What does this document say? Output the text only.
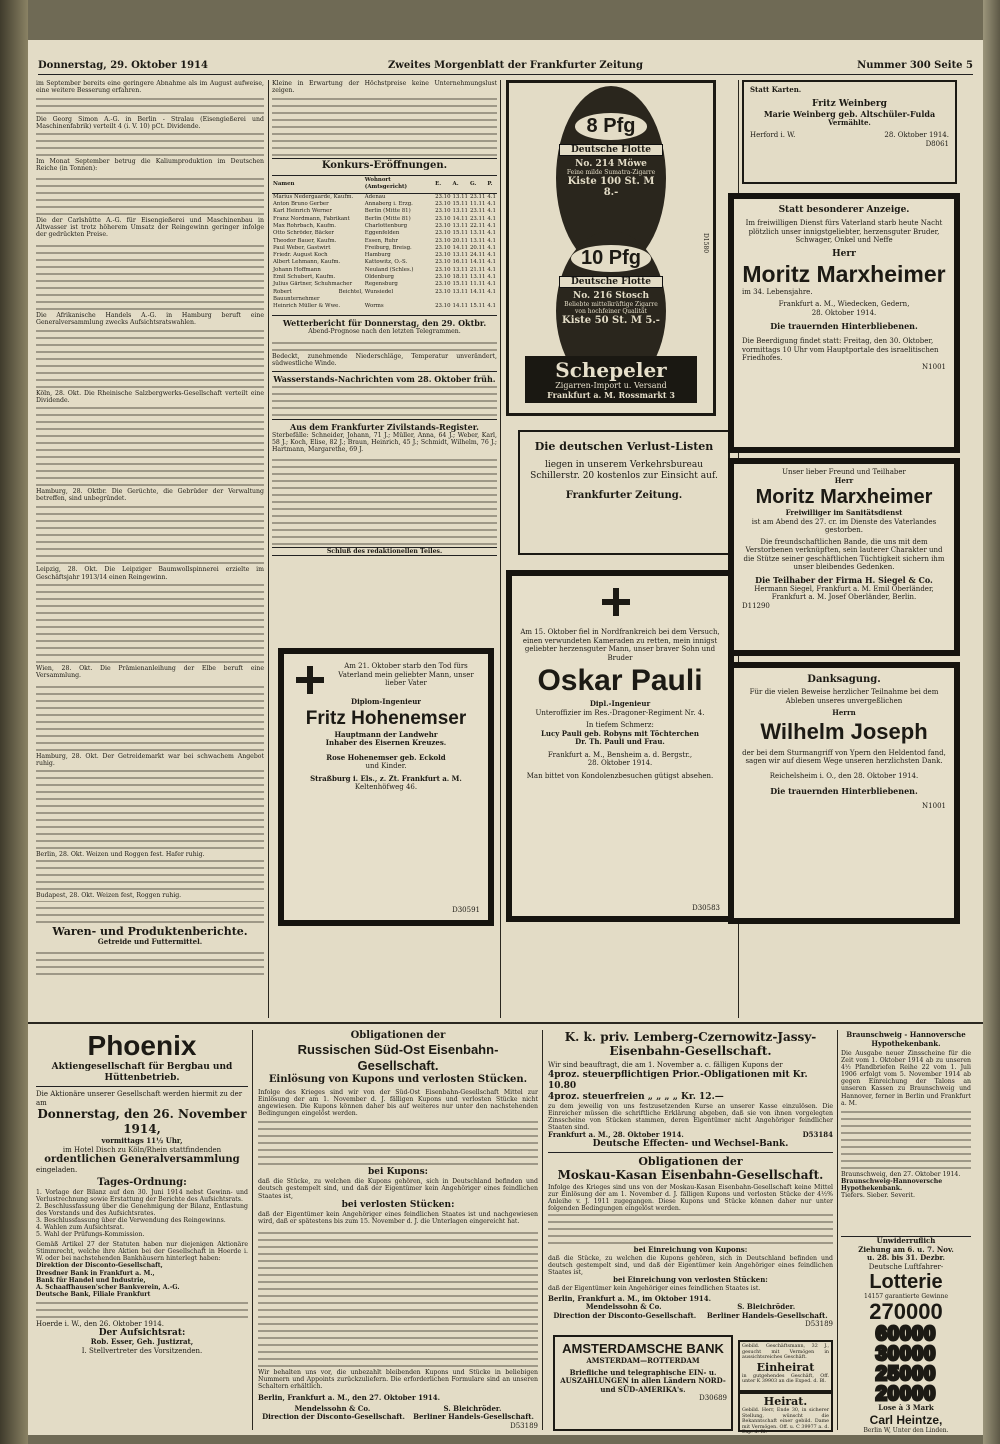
Donnerstag, 29. Oktober 1914	Zweites Morgenblatt der Frankfurter Zeitung	Nummer 300 Seite 5
im September bereits eine geringere Abnahme als im August aufweise, eine weitere Besserung erfahren.
Die Georg Simon A.-G. in Berlin - Stralau (Eisengießerei und Maschinenfabrik) verteilt 4 (i. V. 10) pCt. Dividende.
Im Monat September betrug die Kaliumproduktion im Deutschen Reiche (in Tonnen):
Die der Carlshütte A.-G. für Eisengießerei und Maschinenbau in Altwasser ist trotz höherem Umsatz der Reingewinn geringer infolge der gedrückten Preise.
Die Afrikanische Handels A.-G. in Hamburg beruft eine Generalversammlung zwecks Aufsichtsratswahlen.
Köln, 28. Okt. Die Rheinische Salzbergwerks-Gesellschaft verteilt eine Dividende.
Hamburg, 28. Oktbr. Die Gerüchte, die Gebrüder der Verwaltung betreffen, sind unbegründet.
Leipzig, 28. Okt. Die Leipziger Baumwollspinnerei erzielte im Geschäftsjahr 1913/14 einen Reingewinn.
Wien, 28. Okt. Die Prämienanleihung der Elbe beruft eine Versammlung.
Hamburg, 28. Okt. Der Getreidemarkt war bei schwachem Angebot ruhig.
Berlin, 28. Okt. Weizen und Roggen fest. Hafer ruhig.
Budapest, 28. Okt. Weizen fest, Roggen ruhig.
Waren- und Produktenberichte.
Getreide und Futtermittel.
Kleine in Erwartung der Höchstpreise keine Unternehmungslust zeigen.
Konkurs-Eröffnungen.
Namen	Wohnort (Amtsgericht)	E.	A.	G.	P.
Marius Nedergaarde, Kaufm.	Adenau	23.10	13.11	23.11	4.1
Anton Bruno Gerber	Annaberg i. Erzg.	23.10	15.11	11.11	4.1
Karl Heinrich Werner	Berlin (Mitte 81)	23.10	13.11	23.11	4.1
Franz Nordmann, Fabrikant	Berlin (Mitte 81)	23.10	14.11	23.11	4.1
Max Rohrbach, Kaufm.	Charlottenburg	23.10	13.11	22.11	4.1
Otto Schröder, Bäcker	Eggenfelden	23.10	15.11	13.11	4.1
Theodor Bauer, Kaufm.	Essen, Ruhr	23.10	20.11	13.11	4.1
Paul Weber, Gastwirt	Freiburg, Breisg.	23.10	14.11	20.11	4.1
Friedr. August Koch	Hamburg	23.10	13.11	24.11	4.1
Albert Lehmann, Kaufm.	Kattowitz, O.-S.	23.10	16.11	14.11	4.1
Johann Hoffmann	Neuland (Schles.)	23.10	13.11	21.11	4.1
Emil Schubert, Kaufm.	Oldenburg	23.10	18.11	13.11	4.1
Julius Gärtner, Schuhmacher	Regensburg	23.10	15.11	11.11	4.1
Robert Beichtel, Bauunternehmer	Wunsiedel	23.10	13.11	14.11	4.1
Heinrich Müller & Wwe.	Worms	23.10	14.11	15.11	4.1
Wetterbericht für Donnerstag, den 29. Oktbr.
Abend-Prognose nach den letzten Telegrammen.
Bedeckt, zunehmende Niederschläge, Temperatur unverändert, südwestliche Winde.
Wasserstands-Nachrichten vom 28. Oktober früh.
Aus dem Frankfurter Zivilstands-Register.
Sterbefälle: Schneider, Johann, 71 J.; Müller, Anna, 64 J.; Weber, Karl, 58 J.; Koch, Elise, 82 J.; Braun, Heinrich, 45 J.; Schmidt, Wilhelm, 76 J.; Hartmann, Margarethe, 69 J.
Schluß des redaktionellen Teiles.
Am 21. Oktober starb den Tod fürs Vaterland mein geliebter Mann, unser lieber Vater
Diplom-Ingenieur
Fritz Hohenemser
Hauptmann der Landwehr
Inhaber des Eisernen Kreuzes.
Rose Hohenemser geb. Eckold
und Kinder.
Straßburg i. Els., z. Zt. Frankfurt a. M.
Keltenhöfweg 46.
D30591
8 Pfg
Deutsche Flotte
No. 214 Möwe
Feine milde Sumatra-Zigarre
Kiste 100 St. M 8.-
10 Pfg
Deutsche Flotte
No. 216 Stosch
Beliebte mittelkräftige Zigarre von hochfeiner Qualität
Kiste 50 St. M 5.-
Schepeler
Zigarren-Import u. Versand
Frankfurt a. M. Rossmarkt 3
D1580
Die deutschen Verlust-Listen
liegen in unserem Verkehrsbureau Schillerstr. 20 kostenlos zur Einsicht auf.
Frankfurter Zeitung.
Am 15. Oktober fiel in Nordfrankreich bei dem Versuch, einen verwundeten Kameraden zu retten, mein innigst geliebter herzensguter Mann, unser braver Sohn und Bruder
Oskar Pauli
Dipl.-Ingenieur
Unteroffizier im Res.-Dragoner-Regiment Nr. 4.
In tiefem Schmerz:
Lucy Pauli geb. Robyns mit Töchterchen
Dr. Th. Pauli und Frau.
Frankfurt a. M., Bensheim a. d. Bergstr.,
28. Oktober 1914.
Man bittet von Kondolenzbesuchen gütigst absehen.
D30583
Statt Karten.
Fritz Weinberg
Marie Weinberg geb. Altschüler-Fulda
Vermählte.
Herford i. W.	28. Oktober 1914.
D8061
Statt besonderer Anzeige.
Im freiwilligen Dienst fürs Vaterland starb heute Nacht plötzlich unser innigstgeliebter, herzensguter Bruder, Schwager, Onkel und Neffe
Herr
Moritz Marxheimer
im 34. Lebensjahre.
Frankfurt a. M., Wiedecken, Gedern,
28. Oktober 1914.
Die trauernden Hinterbliebenen.
Die Beerdigung findet statt: Freitag, den 30. Oktober, vormittags 10 Uhr vom Hauptportale des israelitischen Friedhofes.
N1001
Unser lieber Freund und Teilhaber
Herr
Moritz Marxheimer
Freiwilliger im Sanitätsdienst
ist am Abend des 27. cr. im Dienste des Vaterlandes gestorben.
Die freundschaftlichen Bande, die uns mit dem Verstorbenen verknüpften, sein lauterer Charakter und die Stütze seiner geschäftlichen Tüchtigkeit sichern ihm unser bleibendes Gedenken.
Die Teilhaber der Firma H. Siegel & Co.
Hermann Siegel, Frankfurt a. M. Emil Oberländer, Frankfurt a. M. Josef Oberländer, Berlin.
D11290
Danksagung.
Für die vielen Beweise herzlicher Teilnahme bei dem Ableben unseres unvergeßlichen
Herrn
Wilhelm Joseph
der bei dem Sturmangriff von Ypern den Heldentod fand, sagen wir auf diesem Wege unseren herzlichsten Dank.
Reichelsheim i. O., den 28. Oktober 1914.
Die trauernden Hinterbliebenen.
N1001
Phoenix
Aktiengesellschaft für Bergbau und Hüttenbetrieb.
Die Aktionäre unserer Gesellschaft werden hiermit zu der am
Donnerstag, den 26. November 1914,
vormittags 11½ Uhr,
im Hotel Disch zu Köln/Rhein stattfindenden
ordentlichen Generalversammlung
eingeladen.
Tages-Ordnung:
1. Vorlage der Bilanz auf den 30. Juni 1914 nebst Gewinn- und Verlustrechnung sowie Erstattung der Berichte des Aufsichtsrats.
2. Beschlussfassung über die Genehmigung der Bilanz, Entlastung des Vorstands und des Aufsichtsrates.
3. Beschlussfassung über die Verwendung des Reingewinns.
4. Wahlen zum Aufsichtsrat.
5. Wahl der Prüfungs-Kommission.
Gemäß Artikel 27 der Statuten haben nur diejenigen Aktionäre Stimmrecht, welche ihre Aktien bei der Gesellschaft in Hoerde i. W. oder bei nachstehenden Bankhäusern hinterlegt haben:
Direktion der Disconto-Gesellschaft,
Dresdner Bank in Frankfurt a. M.,
Bank für Handel und Industrie,
A. Schaaffhausen'scher Bankverein, A.-G.
Deutsche Bank, Filiale Frankfurt
Hoerde i. W., den 26. Oktober 1914.
Der Aufsichtsrat:
Rob. Esser, Geh. Justizrat,
I. Stellvertreter des Vorsitzenden.
Obligationen der
Russischen Süd-Ost Eisenbahn-Gesellschaft.
Einlösung von Kupons und verlosten Stücken.
Infolge des Krieges sind wir von der Süd-Ost Eisenbahn-Gesellschaft Mittel zur Einlösung der am 1. November d. J. fälligen Kupons und verlosten Stücke nicht angewiesen. Die Kupons können daher bis auf weiteres nur unter den nachstehenden Bedingungen eingelöst werden.
bei Kupons:
daß die Stücke, zu welchen die Kupons gehören, sich in Deutschland befinden und deutsch gestempelt sind, und daß der Eigentümer kein Angehöriger eines feindlichen Staates ist,
bei verlosten Stücken:
daß der Eigentümer kein Angehöriger eines feindlichen Staates ist und nachgewiesen wird, daß er spätestens bis zum 15. November d. J. die Unterlagen eingereicht hat.
Wir behalten uns vor, die unbezahlt bleibenden Kupons und Stücke in beliebigen Nummern und Appoints zurückzuliefern. Die erforderlichen Formulare sind an unseren Schaltern erhältlich.
Berlin, Frankfurt a. M., den 27. Oktober 1914.
Mendelssohn & Co.	S. Bleichröder.
Direction der Disconto-Gesellschaft. Berliner Handels-Gesellschaft.
D53189
K. k. priv. Lemberg-Czernowitz-Jassy-
Eisenbahn-Gesellschaft.
Wir sind beauftragt, die am 1. November a. c. fälligen Kupons der
4proz. steuerpflichtigen Prior.-Obligationen mit Kr. 10.80
4proz. steuerfreien „ „ „ „ Kr. 12.—
zu dem jeweilig von uns festzusetzenden Kurse an unserer Kasse einzulösen. Die Einreicher müssen die schriftliche Erklärung abgeben, daß sie von ihnen vorgelegten Zinsscheine von Stücken stammen, deren Eigentümer nicht Angehöriger feindlicher Staaten sind.
Frankfurt a. M., 28. Oktober 1914.	D53184
Deutsche Effecten- und Wechsel-Bank.
Obligationen der
Moskau-Kasan Eisenbahn-Gesellschaft.
Infolge des Krieges sind uns von der Moskau-Kasan Eisenbahn-Gesellschaft keine Mittel zur Einlösung der am 1. November d. J. fälligen Kupons und verlosten Stücke der 4½% Anleihe v. J. 1911 zugegangen. Diese Kupons und Stücke können daher nur unter folgenden Bedingungen eingelöst werden.
bei Einreichung von Kupons:
daß die Stücke, zu welchen die Kupons gehören, sich in Deutschland befinden und deutsch gestempelt sind, und daß der Eigentümer kein Angehöriger eines feindlichen Staates ist,
bei Einreichung von verlosten Stücken:
daß der Eigentümer kein Angehöriger eines feindlichen Staates ist.
Berlin, Frankfurt a. M., im Oktober 1914.
Mendelssohn & Co.	S. Bleichröder.
Direction der Disconto-Gesellschaft. Berliner Handels-Gesellschaft.
D53189
AMSTERDAMSCHE BANK
AMSTERDAM—ROTTERDAM
Briefliche und telegraphische EIN- u. AUSZAHLUNGEN in allen Ländern NORD- und SÜD-AMERIKA's.
D30689
Gebild. Geschäftsmann, 32 J., gesucht mit Vermögen in aussichtsreiches Geschäft.
Einheirat
in gutgehendes Geschäft, Off. unter K 39903 an die Exped. d. Bl.
Heirat.
Gebild. Herr, Ende 30, in sicherer Stellung, wünscht die Bekanntschaft einer gebild. Dame mit Vermögen. Off. u. C 39977 a. d. Exp. d. Bl.
Braunschweig - Hannoversche Hypothekenbank.
Die Ausgabe neuer Zinsscheine für die Zeit vom 1. Oktober 1914 ab zu unseren 4½ Pfandbriefen Reihe 22 vom 1. Juli 1906 erfolgt vom 5. November 1914 ab gegen Einreichung der Talons an unseren Kassen zu Braunschweig und Hannover, ferner in Berlin und Frankfurt a. M.
Braunschweig, den 27. Oktober 1914.
Braunschweig-Hannoversche Hypothekenbank.
Tiefers. Sieber. Severit.
Unwiderruflich
Ziehung am 6. u. 7. Nov.
u. 28. bis 31. Dezbr.
Deutsche Luftfahrer-
Lotterie
14157 garantierte Gewinne
270000
60000
30000
25000
20000
Lose à 3 Mark
Carl Heintze,
Berlin W, Unter den Linden.
